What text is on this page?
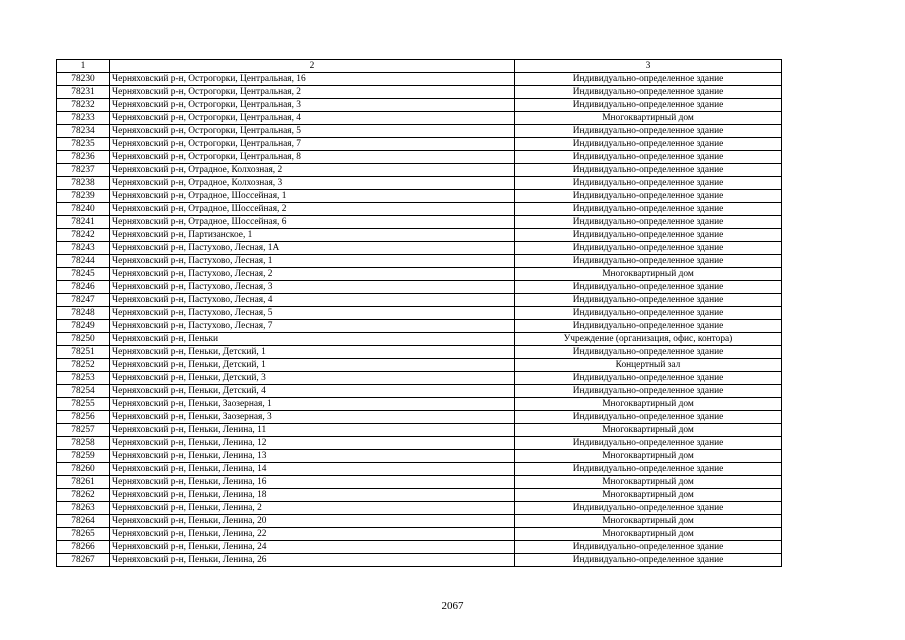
1	2	3
78230	Черняховский р-н, Острогорки, Центральная, 16	Индивидуально-определенное здание
78231	Черняховский р-н, Острогорки, Центральная, 2	Индивидуально-определенное здание
78232	Черняховский р-н, Острогорки, Центральная, 3	Индивидуально-определенное здание
78233	Черняховский р-н, Острогорки, Центральная, 4	Многоквартирный дом
78234	Черняховский р-н, Острогорки, Центральная, 5	Индивидуально-определенное здание
78235	Черняховский р-н, Острогорки, Центральная, 7	Индивидуально-определенное здание
78236	Черняховский р-н, Острогорки, Центральная, 8	Индивидуально-определенное здание
78237	Черняховский р-н, Отрадное, Колхозная, 2	Индивидуально-определенное здание
78238	Черняховский р-н, Отрадное, Колхозная, 3	Индивидуально-определенное здание
78239	Черняховский р-н, Отрадное, Шоссейная, 1	Индивидуально-определенное здание
78240	Черняховский р-н, Отрадное, Шоссейная, 2	Индивидуально-определенное здание
78241	Черняховский р-н, Отрадное, Шоссейная, 6	Индивидуально-определенное здание
78242	Черняховский р-н, Партизанское, 1	Индивидуально-определенное здание
78243	Черняховский р-н, Пастухово, Лесная, 1А	Индивидуально-определенное здание
78244	Черняховский р-н, Пастухово, Лесная, 1	Индивидуально-определенное здание
78245	Черняховский р-н, Пастухово, Лесная, 2	Многоквартирный дом
78246	Черняховский р-н, Пастухово, Лесная, 3	Индивидуально-определенное здание
78247	Черняховский р-н, Пастухово, Лесная, 4	Индивидуально-определенное здание
78248	Черняховский р-н, Пастухово, Лесная, 5	Индивидуально-определенное здание
78249	Черняховский р-н, Пастухово, Лесная, 7	Индивидуально-определенное здание
78250	Черняховский р-н, Пеньки	Учреждение (организация, офис, контора)
78251	Черняховский р-н, Пеньки, Детский, 1	Индивидуально-определенное здание
78252	Черняховский р-н, Пеньки, Детский, 1	Концертный зал
78253	Черняховский р-н, Пеньки, Детский, 3	Индивидуально-определенное здание
78254	Черняховский р-н, Пеньки, Детский, 4	Индивидуально-определенное здание
78255	Черняховский р-н, Пеньки, Заозерная, 1	Многоквартирный дом
78256	Черняховский р-н, Пеньки, Заозерная, 3	Индивидуально-определенное здание
78257	Черняховский р-н, Пеньки, Ленина, 11	Многоквартирный дом
78258	Черняховский р-н, Пеньки, Ленина, 12	Индивидуально-определенное здание
78259	Черняховский р-н, Пеньки, Ленина, 13	Многоквартирный дом
78260	Черняховский р-н, Пеньки, Ленина, 14	Индивидуально-определенное здание
78261	Черняховский р-н, Пеньки, Ленина, 16	Многоквартирный дом
78262	Черняховский р-н, Пеньки, Ленина, 18	Многоквартирный дом
78263	Черняховский р-н, Пеньки, Ленина, 2	Индивидуально-определенное здание
78264	Черняховский р-н, Пеньки, Ленина, 20	Многоквартирный дом
78265	Черняховский р-н, Пеньки, Ленина, 22	Многоквартирный дом
78266	Черняховский р-н, Пеньки, Ленина, 24	Индивидуально-определенное здание
78267	Черняховский р-н, Пеньки, Ленина, 26	Индивидуально-определенное здание
2067
